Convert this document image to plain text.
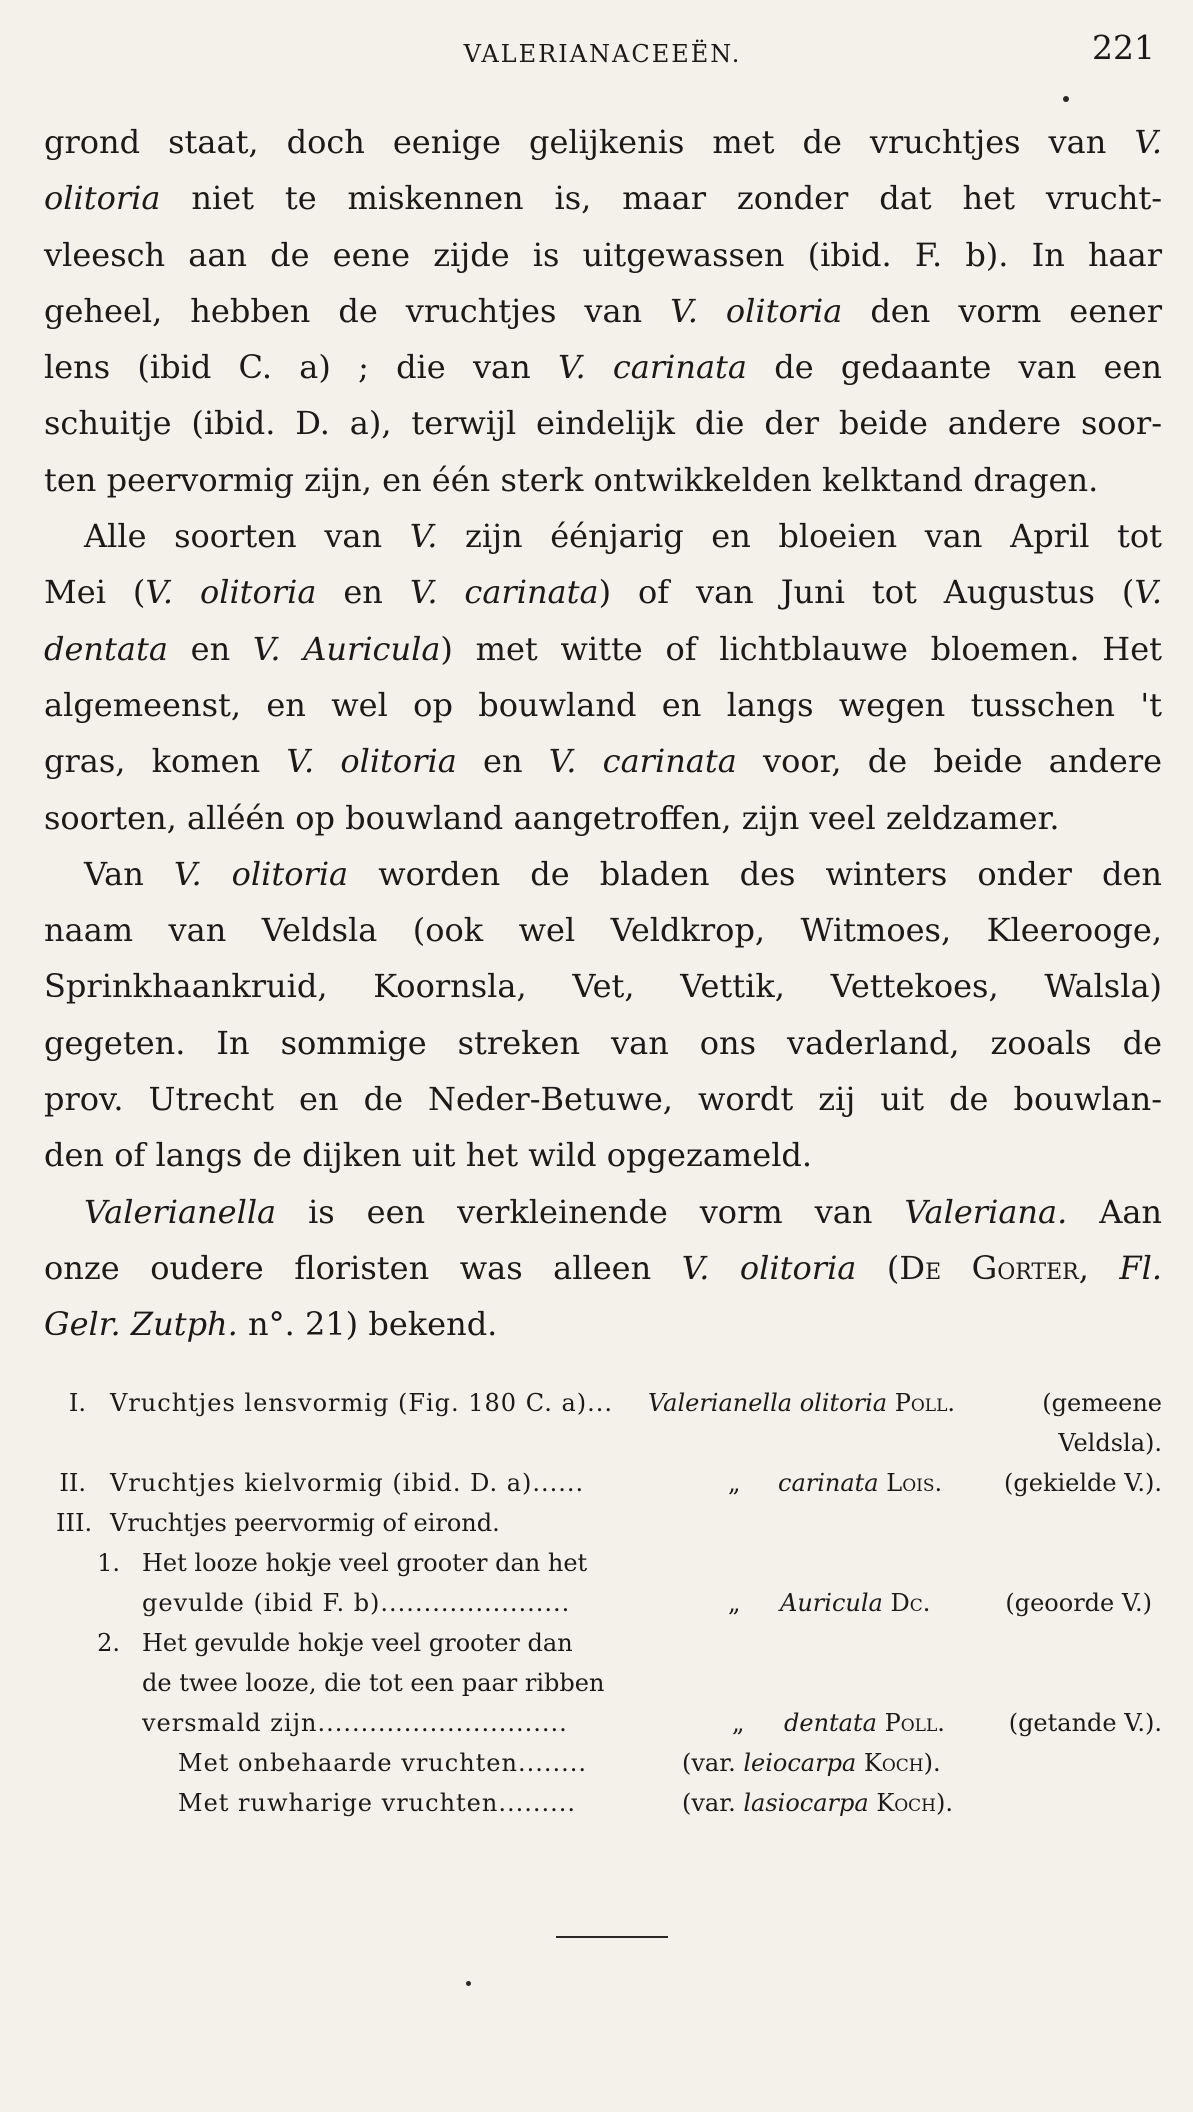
VALERIANACEEËN.	221
grond staat, doch eenige gelijkenis met de vruchtjes van V.
olitoria niet te miskennen is, maar zonder dat het vrucht-
vleesch aan de eene zijde is uitgewassen (ibid. F. b). In haar
geheel, hebben de vruchtjes van V. olitoria den vorm eener
lens (ibid C. a) ; die van V. carinata de gedaante van een
schuitje (ibid. D. a), terwijl eindelijk die der beide andere soor-
ten peervormig zijn, en één sterk ontwikkelden kelktand dragen.
Alle soorten van V. zijn éénjarig en bloeien van April tot
Mei (V. olitoria en V. carinata) of van Juni tot Augustus (V.
dentata en V. Auricula) met witte of lichtblauwe bloemen. Het
algemeenst, en wel op bouwland en langs wegen tusschen 't
gras, komen V. olitoria en V. carinata voor, de beide andere
soorten, alléén op bouwland aangetroffen, zijn veel zeldzamer.
Van V. olitoria worden de bladen des winters onder den
naam van Veldsla (ook wel Veldkrop, Witmoes, Kleerooge,
Sprinkhaankruid, Koornsla, Vet, Vettik, Vettekoes, Walsla)
gegeten. In sommige streken van ons vaderland, zooals de
prov. Utrecht en de Neder-Betuwe, wordt zij uit de bouwlan-
den of langs de dijken uit het wild opgezameld.
Valerianella is een verkleinende vorm van Valeriana. Aan
onze oudere floristen was alleen V. olitoria (De Gorter, Fl.
Gelr. Zutph. n°. 21) bekend.
I. Vruchtjes lensvormig (Fig. 180 C. a)... Valerianella olitoria Poll.	(gemeene
Veldsla).
II. Vruchtjes kielvormig (ibid. D. a)......	„ carinata Lois.	(gekielde V.).
III. Vruchtjes peervormig of eirond.
1. Het looze hokje veel grooter dan het
gevulde (ibid F. b)......................	„ Auricula Dc.	(geoorde V.)
2. Het gevulde hokje veel grooter dan
de twee looze, die tot een paar ribben
versmald zijn.............................	„ dentata Poll.	(getande V.).
Met onbehaarde vruchten........	(var. leiocarpa Koch).
Met ruwharige vruchten.........	(var. lasiocarpa Koch).
